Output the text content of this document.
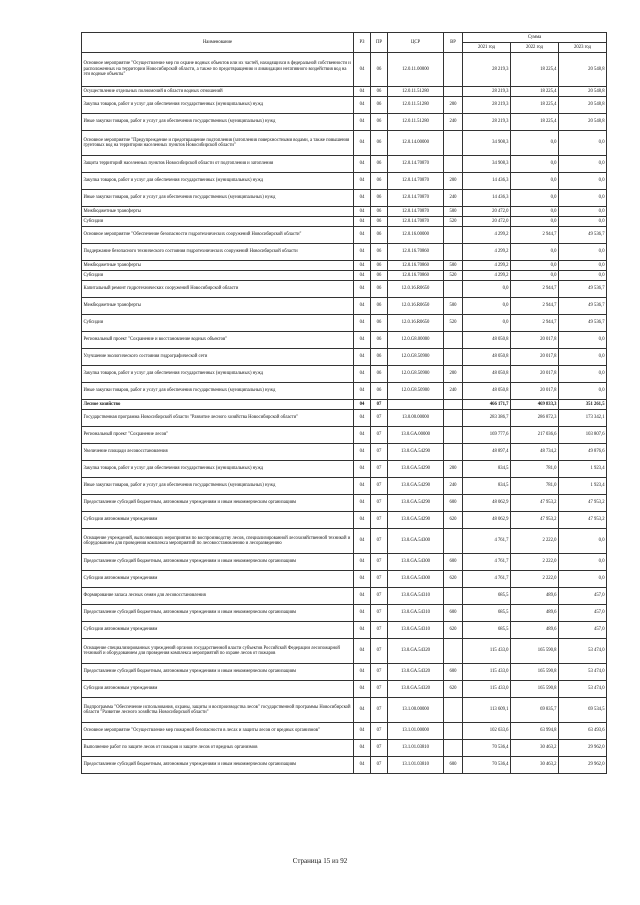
Наименование	РЗ	ПР	ЦСР	ВР	Сумма		
					2021 год	2022 год	2023 год
Основное мероприятие "Осуществление мер по охране водных объектов или их частей, находящихся в федеральной собственности и расположенных на территории Новосибирской области, а также по предотвращению и ликвидации негативного воздействия вод на эти водные объекты"	04	06	12.0.11.00000		28 219,3	18 225,4	20 548,8
Осуществление отдельных полномочий в области водных отношений	04	06	12.0.11.51280		28 219,3	18 225,4	20 548,8
Закупка товаров, работ и услуг для обеспечения государственных (муниципальных) нужд	04	06	12.0.11.51280	200	28 219,3	18 225,4	20 548,8
Иные закупки товаров, работ и услуг для обеспечения государственных (муниципальных) нужд	04	06	12.0.11.51280	240	28 219,3	18 225,4	20 548,8
Основное мероприятие "Предупреждение и предотвращение подтопления (затопления поверхностными водами, а также повышения грунтовых вод на территории населенных пунктов Новосибирской области"	04	06	12.0.14.00000		34 908,3	0,0	0,0
Защита территорий населенных пунктов Новосибирской области от подтопления и затопления	04	06	12.0.14.70870		34 908,3	0,0	0,0
Закупка товаров, работ и услуг для обеспечения государственных (муниципальных) нужд	04	06	12.0.14.70870	200	14 436,3	0,0	0,0
Иные закупки товаров, работ и услуг для обеспечения государственных (муниципальных) нужд	04	06	12.0.14.70870	240	14 436,3	0,0	0,0
Межбюджетные трансферты	04	06	12.0.14.70870	500	20 472,0	0,0	0,0
Субсидии	04	06	12.0.14.70870	520	20 472,0	0,0	0,0
Основное мероприятие "Обеспечение безопасности гидротехнических сооружений Новосибирской области"	04	06	12.0.16.00000		4 299,2	2 944,7	49 536,7
Поддержание безопасного технического состояния гидротехнических сооружений Новосибирской области	04	06	12.0.16.70860		4 299,2	0,0	0,0
Межбюджетные трансферты	04	06	12.0.16.70860	500	4 299,2	0,0	0,0
Субсидии	04	06	12.0.16.70860	520	4 299,2	0,0	0,0
Капитальный ремонт гидротехнических сооружений Новосибирской области	04	06	12.0.16.R0650		0,0	2 944,7	49 536,7
Межбюджетные трансферты	04	06	12.0.16.R0650	500	0,0	2 944,7	49 536,7
Субсидии	04	06	12.0.16.R0650	520	0,0	2 944,7	49 536,7
Региональный проект "Сохранение и восстановление водных объектов"	04	06	12.0.G8.00000		48 050,8	20 017,8	0,0
Улучшение экологического состояния гидрографической сети	04	06	12.0.G8.50900		48 050,8	20 017,8	0,0
Закупка товаров, работ и услуг для обеспечения государственных (муниципальных) нужд	04	06	12.0.G8.50900	200	48 050,8	20 017,8	0,0
Иные закупки товаров, работ и услуг для обеспечения государственных (муниципальных) нужд	04	06	12.0.G8.50900	240	48 050,8	20 017,8	0,0
Лесное хозяйство	04	07			466 171,7	469 833,3	351 261,5
Государственная программа Новосибирской области "Развитие лесного хозяйства Новосибирской области"	04	07	13.0.00.00000		283 386,7	286 872,3	173 342,1
Региональный проект "Сохранение лесов"	04	07	13.0.GA.00000		169 777,6	217 036,6	103 807,6
Увеличение площади лесовосстановления	04	07	13.0.GA.54290		48 897,4	48 734,2	49 876,6
Закупка товаров, работ и услуг для обеспечения государственных (муниципальных) нужд	04	07	13.0.GA.54290	200	834,5	781,0	1 923,4
Иные закупки товаров, работ и услуг для обеспечения государственных (муниципальных) нужд	04	07	13.0.GA.54290	240	834,5	781,0	1 923,4
Предоставление субсидий бюджетным, автономным учреждениям и иным некоммерческим организациям	04	07	13.0.GA.54290	600	48 062,9	47 953,2	47 953,2
Субсидии автономным учреждениям	04	07	13.0.GA.54290	620	48 062,9	47 953,2	47 953,2
Оснащение учреждений, выполняющих мероприятия по воспроизводству лесов, специализированной лесохозяйственной техникой и оборудованием для проведения комплекса мероприятий по лесовосстановлению и лесоразведению	04	07	13.0.GA.54300		4 761,7	2 222,0	0,0
Предоставление субсидий бюджетным, автономным учреждениям и иным некоммерческим организациям	04	07	13.0.GA.54300	600	4 761,7	2 222,0	0,0
Субсидии автономным учреждениям	04	07	13.0.GA.54300	620	4 761,7	2 222,0	0,0
Формирование запаса лесных семян для лесовосстановления	04	07	13.0.GA.54310		685,5	489,6	457,0
Предоставление субсидий бюджетным, автономным учреждениям и иным некоммерческим организациям	04	07	13.0.GA.54310	600	685,5	489,6	457,0
Субсидии автономным учреждениям	04	07	13.0.GA.54310	620	685,5	489,6	457,0
Оснащение специализированных учреждений органов государственной власти субъектов Российской Федерации лесопожарной техникой и оборудованием для проведения комплекса мероприятий по охране лесов от пожаров	04	07	13.0.GA.54320		115 433,0	165 590,8	53 474,0
Предоставление субсидий бюджетным, автономным учреждениям и иным некоммерческим организациям	04	07	13.0.GA.54320	600	115 433,0	165 590,8	53 474,0
Субсидии автономным учреждениям	04	07	13.0.GA.54320	620	115 433,0	165 590,8	53 474,0
Подпрограмма "Обеспечение использования, охраны, защиты и воспроизводства лесов" государственной программы Новосибирской области "Развитие лесного хозяйства Новосибирской области"	04	07	13.1.00.00000		113 609,1	69 835,7	69 534,5
Основное мероприятие "Осуществление мер пожарной безопасности в лесах и защиты лесов от вредных организмов"	04	07	13.1.01.00000		102 633,6	63 994,8	63 493,6
Выполнение работ по защите лесов от пожаров и защите лесов от вредных организмов	04	07	13.1.01.03810		70 536,4	30 463,2	29 962,0
Предоставление субсидий бюджетным, автономным учреждениям и иным некоммерческим организациям	04	07	13.1.01.03810	600	70 536,4	30 463,2	29 962,0
Страница 15 из 92
